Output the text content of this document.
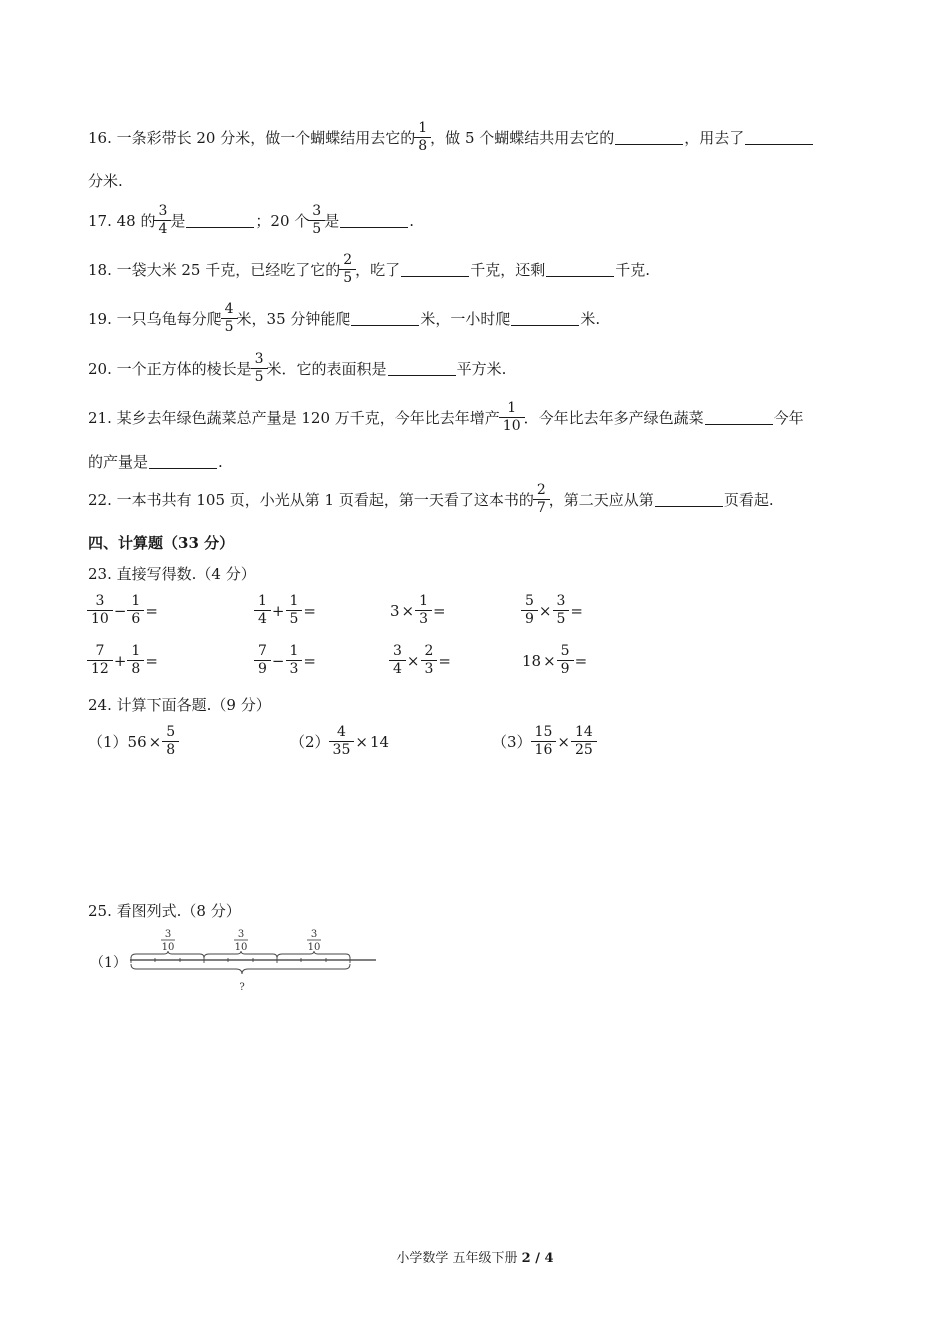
16. 一条彩带长 20 分米，做一个蝴蝶结用去它的 $\frac{1}{8}$ ，做 5 个蝴蝶结共用去它的	，用去了
分米.
17. 48 的 $\frac{3}{4}$ 是	；20 个 $\frac{3}{5}$ 是	.
18. 一袋大米 25 千克，已经吃了它的 $\frac{2}{5}$ ，吃了	千克，还剩	千克.
19. 一只乌龟每分爬 $\frac{4}{5}$ 米，35 分钟能爬	米，一小时爬	米.
20. 一个正方体的棱长是 $\frac{3}{5}$ 米．它的表面积是	平方米.
21. 某乡去年绿色蔬菜总产量是 120 万千克，今年比去年增产 $\frac{1}{10}$ ．今年比去年多产绿色蔬菜	今年
的产量是	.
22. 一本书共有 105 页，小光从第 1 页看起，第一天看了这本书的 $\frac{2}{7}$ ，第二天应从第	页看起.
四、计算题（33 分）
23. 直接写得数.（4 分）
$\frac{3}{10} - \frac{1}{6}$ =	$\frac{1}{4} + \frac{1}{5}$ =	$3 \times \frac{1}{3}$ =	$\frac{5}{9} \times \frac{3}{5}$ =
$\frac{7}{12} + \frac{1}{8}$ =	$\frac{7}{9} - \frac{1}{3}$ =	$\frac{3}{4} \times \frac{2}{3}$ =	$18 \times \frac{5}{9}$ =
24. 计算下面各题.（9 分）
（1） $56 \times \frac{5}{8}$	$(2) \frac{4}{35} \times 14$	$(3) \frac{15}{16} \times \frac{14}{25}$
25. 看图列式.（8 分）
（1）
3
10
3
10
3
10
?
小学数学 五年级下册 2 / 4
